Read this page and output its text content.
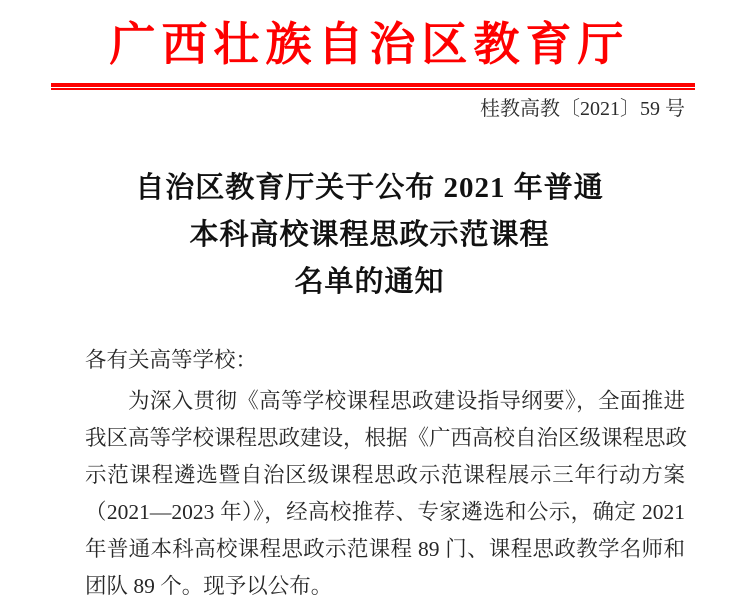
广西壮族自治区教育厅
桂教高教〔2021〕59 号
自治区教育厅关于公布 2021 年普通
本科高校课程思政示范课程
名单的通知
各有关高等学校：
为深入贯彻《高等学校课程思政建设指导纲要》，全面推进
我区高等学校课程思政建设，根据《广西高校自治区级课程思政
示范课程遴选暨自治区级课程思政示范课程展示三年行动方案
（2021—2023 年）》，经高校推荐、专家遴选和公示，确定 2021
年普通本科高校课程思政示范课程 89 门、课程思政教学名师和
团队 89 个。现予以公布。
